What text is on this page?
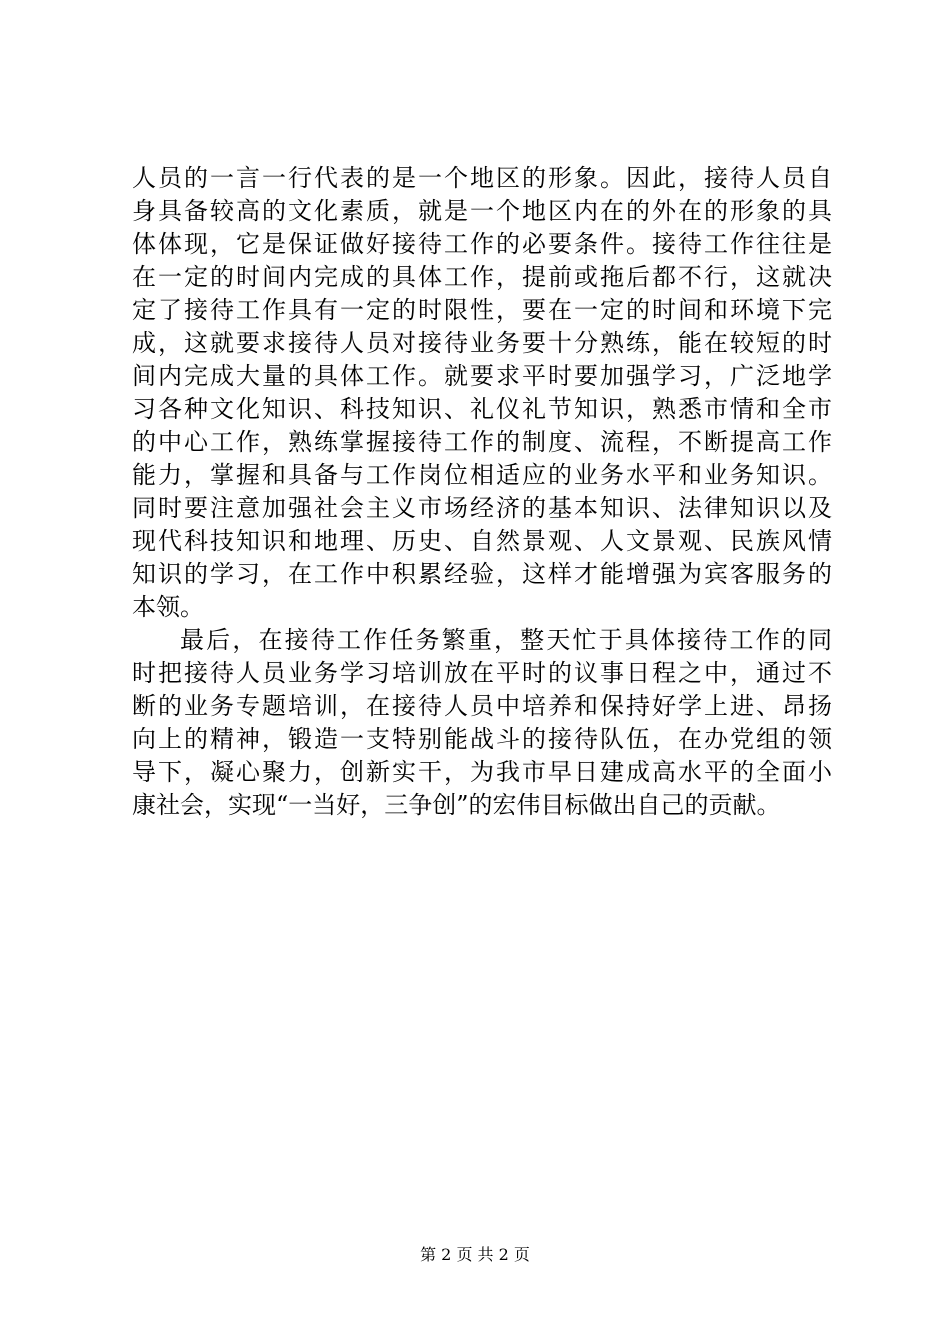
人员的一言一行代表的是一个地区的形象。因此，接待人员自
身具备较高的文化素质，就是一个地区内在的外在的形象的具
体体现，它是保证做好接待工作的必要条件。接待工作往往是
在一定的时间内完成的具体工作，提前或拖后都不行，这就决
定了接待工作具有一定的时限性，要在一定的时间和环境下完
成，这就要求接待人员对接待业务要十分熟练，能在较短的时
间内完成大量的具体工作。就要求平时要加强学习，广泛地学
习各种文化知识、科技知识、礼仪礼节知识，熟悉市情和全市
的中心工作，熟练掌握接待工作的制度、流程，不断提高工作
能力，掌握和具备与工作岗位相适应的业务水平和业务知识。
同时要注意加强社会主义市场经济的基本知识、法律知识以及
现代科技知识和地理、历史、自然景观、人文景观、民族风情
知识的学习，在工作中积累经验，这样才能增强为宾客服务的
本领。
最后，在接待工作任务繁重，整天忙于具体接待工作的同
时把接待人员业务学习培训放在平时的议事日程之中，通过不
断的业务专题培训，在接待人员中培养和保持好学上进、昂扬
向上的精神，锻造一支特别能战斗的接待队伍，在办党组的领
导下，凝心聚力，创新实干，为我市早日建成高水平的全面小
康社会，实现“一当好，三争创”的宏伟目标做出自己的贡献。
第 2 页 共 2 页
